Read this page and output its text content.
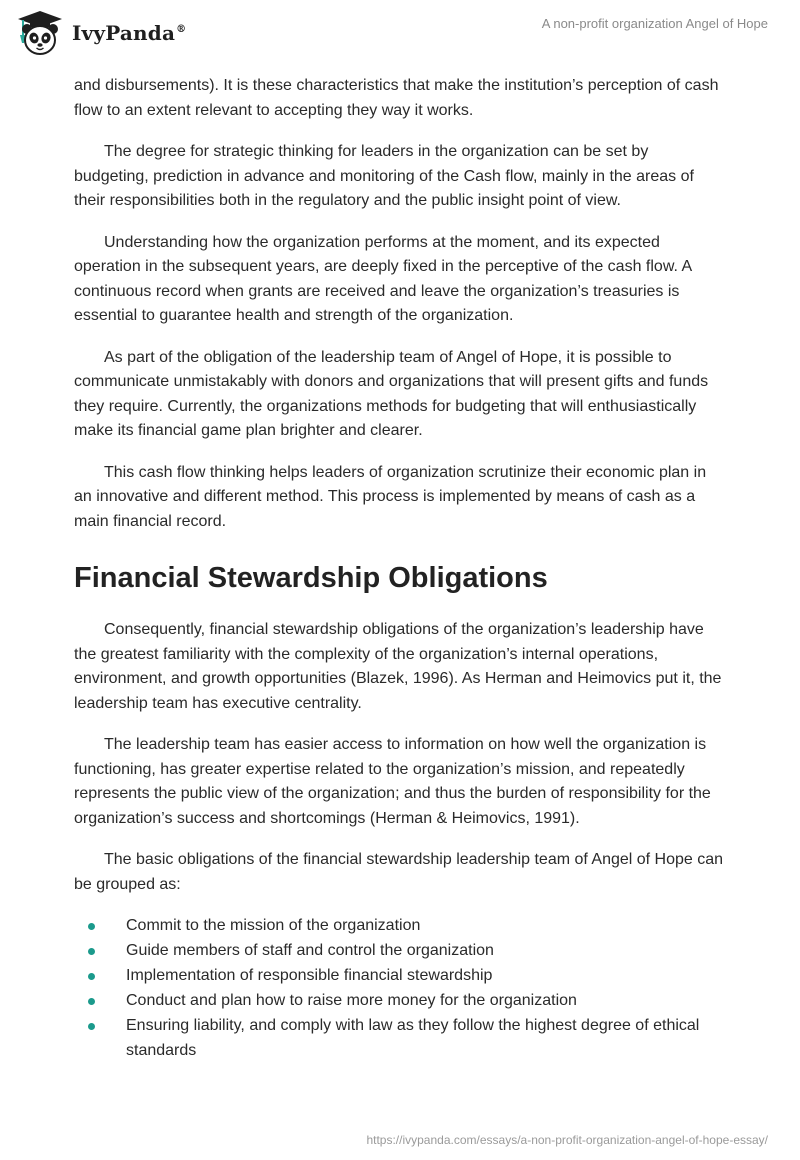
IvyPanda®	A non-profit organization Angel of Hope

and disbursements). It is these characteristics that make the institution’s perception of cash flow to an extent relevant to accepting they way it works.

The degree for strategic thinking for leaders in the organization can be set by budgeting, prediction in advance and monitoring of the Cash flow, mainly in the areas of their responsibilities both in the regulatory and the public insight point of view.

Understanding how the organization performs at the moment, and its expected operation in the subsequent years, are deeply fixed in the perceptive of the cash flow. A continuous record when grants are received and leave the organization’s treasuries is essential to guarantee health and strength of the organization.

As part of the obligation of the leadership team of Angel of Hope, it is possible to communicate unmistakably with donors and organizations that will present gifts and funds they require. Currently, the organizations methods for budgeting that will enthusiastically make its financial game plan brighter and clearer.

This cash flow thinking helps leaders of organization scrutinize their economic plan in an innovative and different method. This process is implemented by means of cash as a main financial record.

Financial Stewardship Obligations

Consequently, financial stewardship obligations of the organization’s leadership have the greatest familiarity with the complexity of the organization’s internal operations, environment, and growth opportunities (Blazek, 1996). As Herman and Heimovics put it, the leadership team has executive centrality.

The leadership team has easier access to information on how well the organization is functioning, has greater expertise related to the organization’s mission, and repeatedly represents the public view of the organization; and thus the burden of responsibility for the organization’s success and shortcomings (Herman & Heimovics, 1991).

The basic obligations of the financial stewardship leadership team of Angel of Hope can be grouped as:

Commit to the mission of the organization
Guide members of staff and control the organization
Implementation of responsible financial stewardship
Conduct and plan how to raise more money for the organization
Ensuring liability, and comply with law as they follow the highest degree of ethical standards
https://ivypanda.com/essays/a-non-profit-organization-angel-of-hope-essay/
